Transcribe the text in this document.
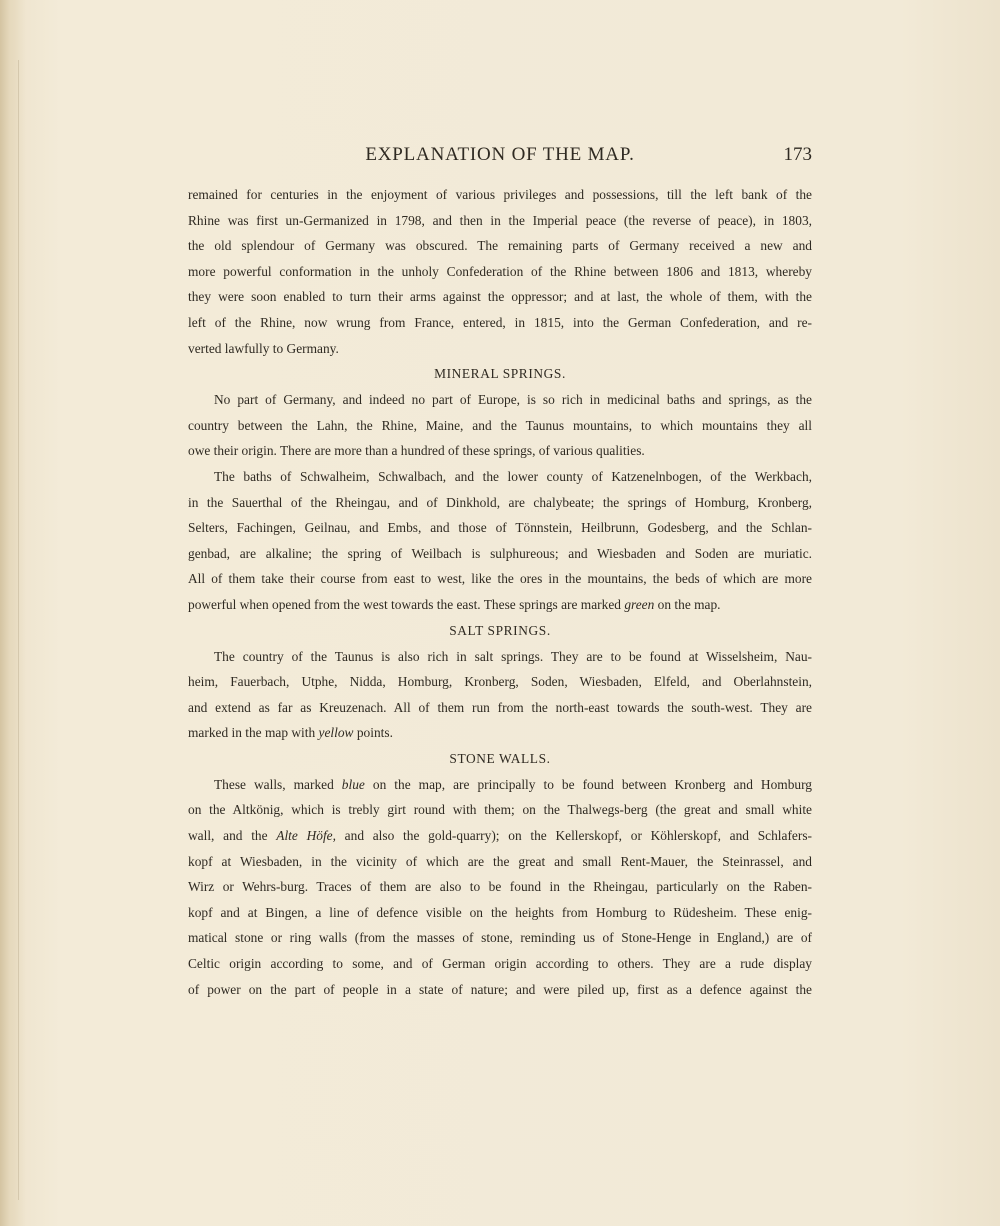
EXPLANATION OF THE MAP.	173
remained for centuries in the enjoyment of various privileges and possessions, till the left bank of the
Rhine was first un-Germanized in 1798, and then in the Imperial peace (the reverse of peace), in 1803,
the old splendour of Germany was obscured. The remaining parts of Germany received a new and
more powerful conformation in the unholy Confederation of the Rhine between 1806 and 1813, whereby
they were soon enabled to turn their arms against the oppressor; and at last, the whole of them, with the
left of the Rhine, now wrung from France, entered, in 1815, into the German Confederation, and re-
verted lawfully to Germany.
MINERAL SPRINGS.
No part of Germany, and indeed no part of Europe, is so rich in medicinal baths and springs, as the
country between the Lahn, the Rhine, Maine, and the Taunus mountains, to which mountains they all
owe their origin. There are more than a hundred of these springs, of various qualities.
The baths of Schwalheim, Schwalbach, and the lower county of Katzenelnbogen, of the Werkbach,
in the Sauerthal of the Rheingau, and of Dinkhold, are chalybeate; the springs of Homburg, Kronberg,
Selters, Fachingen, Geilnau, and Embs, and those of Tönnstein, Heilbrunn, Godesberg, and the Schlan-
genbad, are alkaline; the spring of Weilbach is sulphureous; and Wiesbaden and Soden are muriatic.
All of them take their course from east to west, like the ores in the mountains, the beds of which are more
powerful when opened from the west towards the east. These springs are marked green on the map.
SALT SPRINGS.
The country of the Taunus is also rich in salt springs. They are to be found at Wisselsheim, Nau-
heim, Fauerbach, Utphe, Nidda, Homburg, Kronberg, Soden, Wiesbaden, Elfeld, and Oberlahnstein,
and extend as far as Kreuzenach. All of them run from the north-east towards the south-west. They are
marked in the map with yellow points.
STONE WALLS.
These walls, marked blue on the map, are principally to be found between Kronberg and Homburg
on the Altkönig, which is trebly girt round with them; on the Thalwegs-berg (the great and small white
wall, and the Alte Höfe, and also the gold-quarry); on the Kellerskopf, or Köhlerskopf, and Schlafers-
kopf at Wiesbaden, in the vicinity of which are the great and small Rent-Mauer, the Steinrassel, and
Wirz or Wehrs-burg. Traces of them are also to be found in the Rheingau, particularly on the Raben-
kopf and at Bingen, a line of defence visible on the heights from Homburg to Rüdesheim. These enig-
matical stone or ring walls (from the masses of stone, reminding us of Stone-Henge in England,) are of
Celtic origin according to some, and of German origin according to others. They are a rude display
of power on the part of people in a state of nature; and were piled up, first as a defence against the
